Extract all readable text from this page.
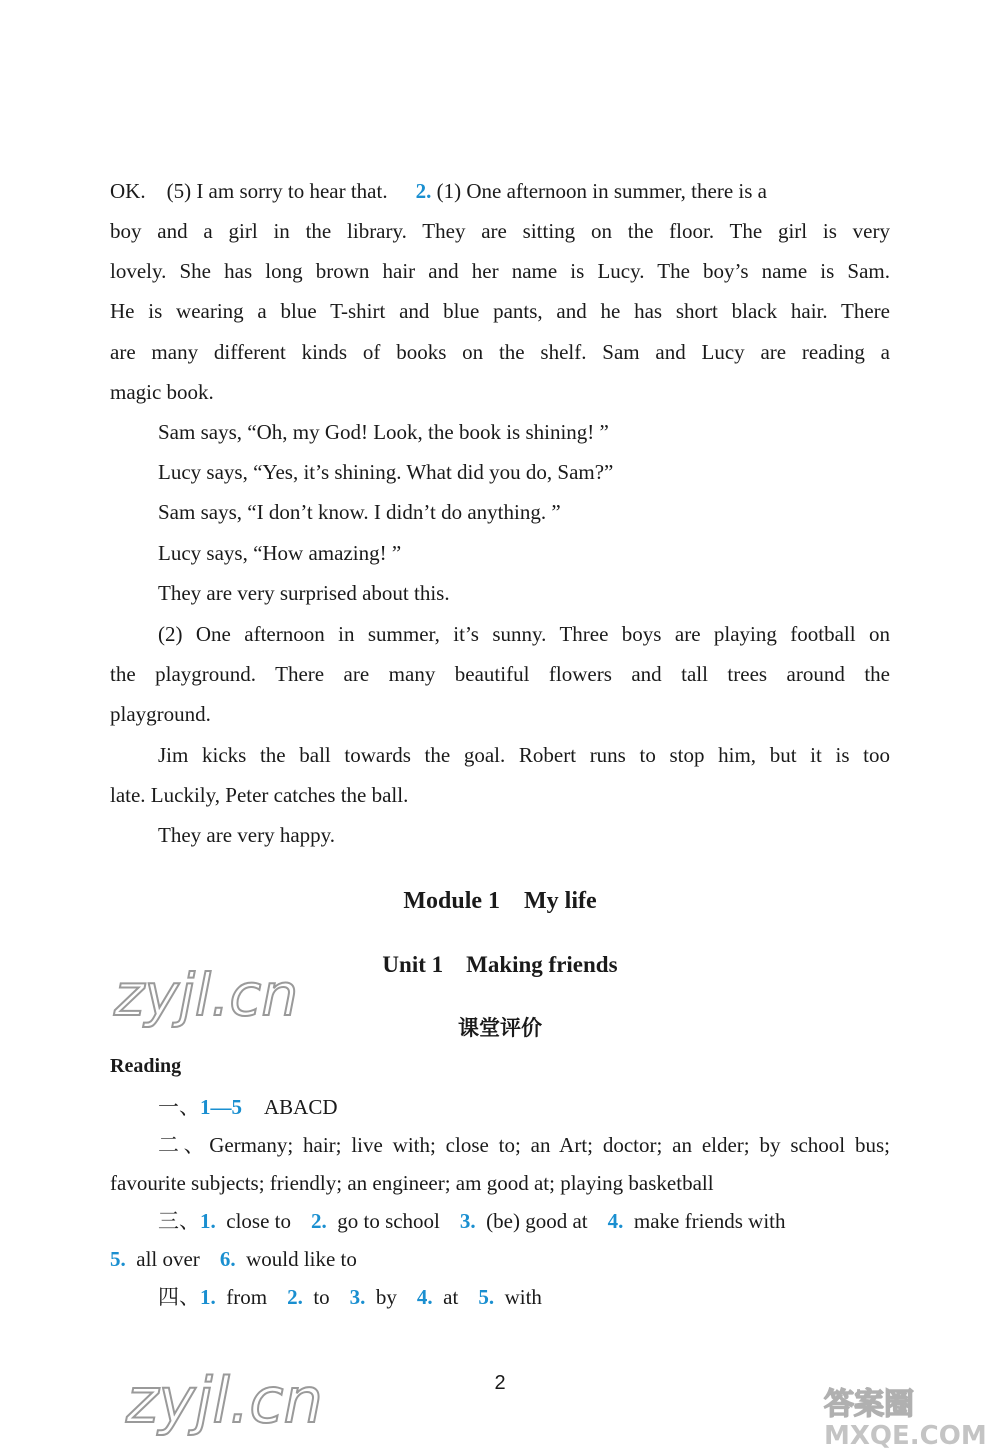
OK.　(5) I am sorry to hear that. 2. (1) One afternoon in summer, there is a
boy and a girl in the library. They are sitting on the floor. The girl is very
lovely. She has long brown hair and her name is Lucy. The boy’s name is Sam.
He is wearing a blue T-shirt and blue pants, and he has short black hair. There
are many different kinds of books on the shelf. Sam and Lucy are reading a
magic book.
Sam says, “Oh, my God! Look, the book is shining! ”
Lucy says, “Yes, it’s shining. What did you do, Sam?”
Sam says, “I don’t know. I didn’t do anything. ”
Lucy says, “How amazing! ”
They are very surprised about this.
(2) One afternoon in summer, it’s sunny. Three boys are playing football on
the playground. There are many beautiful flowers and tall trees around the
playground.
Jim kicks the ball towards the goal. Robert runs to stop him, but it is too
late. Luckily, Peter catches the ball.
They are very happy.
Module 1　My life
Unit 1　Making friends
课堂评价
zyjl.cn
Reading
一、1—5 ABACD
二、Germany; hair; live with; close to; an Art; doctor; an elder; by school bus;
favourite subjects; friendly; an engineer; am good at; playing basketball
三、1. close to 2. go to school 3. (be) good at 4. make friends with
5. all over 6. would like to
四、1. from 2. to 3. by 4. at 5. with
zyjl.cn	2
答案圈
MXQE.COM
